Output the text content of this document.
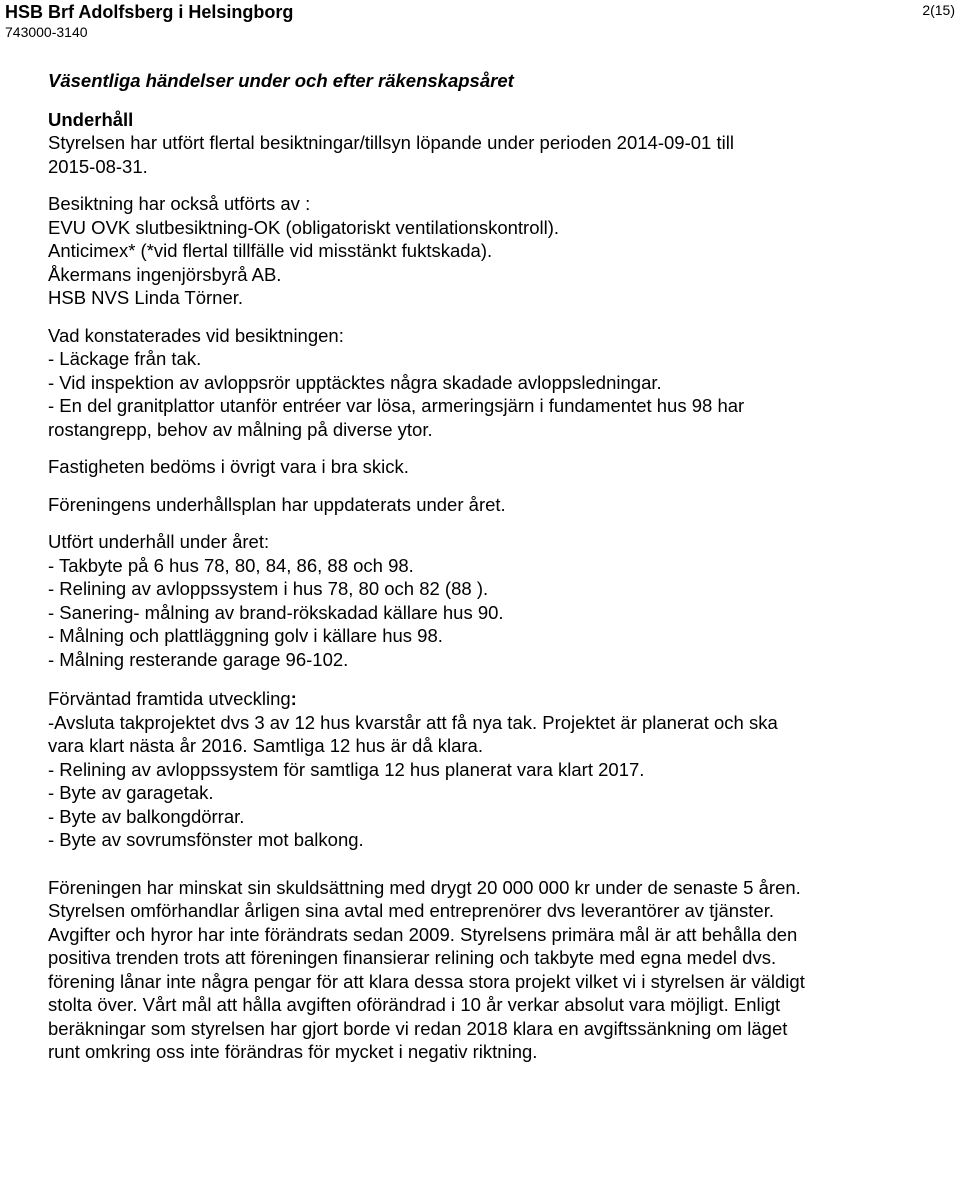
HSB Brf Adolfsberg i Helsingborg
743000-3140
2(15)
Väsentliga händelser under och efter räkenskapsåret
Underhåll
Styrelsen har utfört flertal besiktningar/tillsyn löpande under perioden 2014-09-01 till
2015-08-31.
Besiktning har också utförts av :
EVU OVK slutbesiktning-OK (obligatoriskt ventilationskontroll).
Anticimex* (*vid flertal tillfälle vid misstänkt fuktskada).
Åkermans ingenjörsbyrå AB.
HSB NVS Linda Törner.
Vad konstaterades vid besiktningen:
- Läckage från tak.
- Vid inspektion av avloppsrör upptäcktes några skadade avloppsledningar.
- En del granitplattor utanför entréer var lösa, armeringsjärn i fundamentet hus 98 har
rostangrepp, behov av målning på diverse ytor.
Fastigheten bedöms i övrigt vara i bra skick.
Föreningens underhållsplan har uppdaterats under året.
Utfört underhåll under året:
- Takbyte på 6 hus 78, 80, 84, 86, 88 och 98.
- Relining av avloppssystem i hus 78, 80 och 82 (88 ).
- Sanering- målning av brand-rökskadad källare hus 90.
- Målning och plattläggning golv i källare hus 98.
- Målning resterande garage 96-102.
Förväntad framtida utveckling:
-Avsluta takprojektet dvs 3 av 12 hus kvarstår att få nya tak. Projektet är planerat och ska
vara klart nästa år 2016. Samtliga 12 hus är då klara.
- Relining av avloppssystem för samtliga 12 hus planerat vara klart 2017.
- Byte av garagetak.
- Byte av balkongdörrar.
- Byte av sovrumsfönster mot balkong.
Föreningen har minskat sin skuldsättning med drygt 20 000 000 kr under de senaste 5 åren.
Styrelsen omförhandlar årligen sina avtal med entreprenörer dvs leverantörer av tjänster.
Avgifter och hyror har inte förändrats sedan 2009. Styrelsens primära mål är att behålla den
positiva trenden trots att föreningen finansierar relining och takbyte med egna medel dvs.
förening lånar inte några pengar för att klara dessa stora projekt vilket vi i styrelsen är väldigt
stolta över. Vårt mål att hålla avgiften oförändrad i 10 år verkar absolut vara möjligt. Enligt
beräkningar som styrelsen har gjort borde vi redan 2018 klara en avgiftssänkning om läget
runt omkring oss inte förändras för mycket i negativ riktning.
